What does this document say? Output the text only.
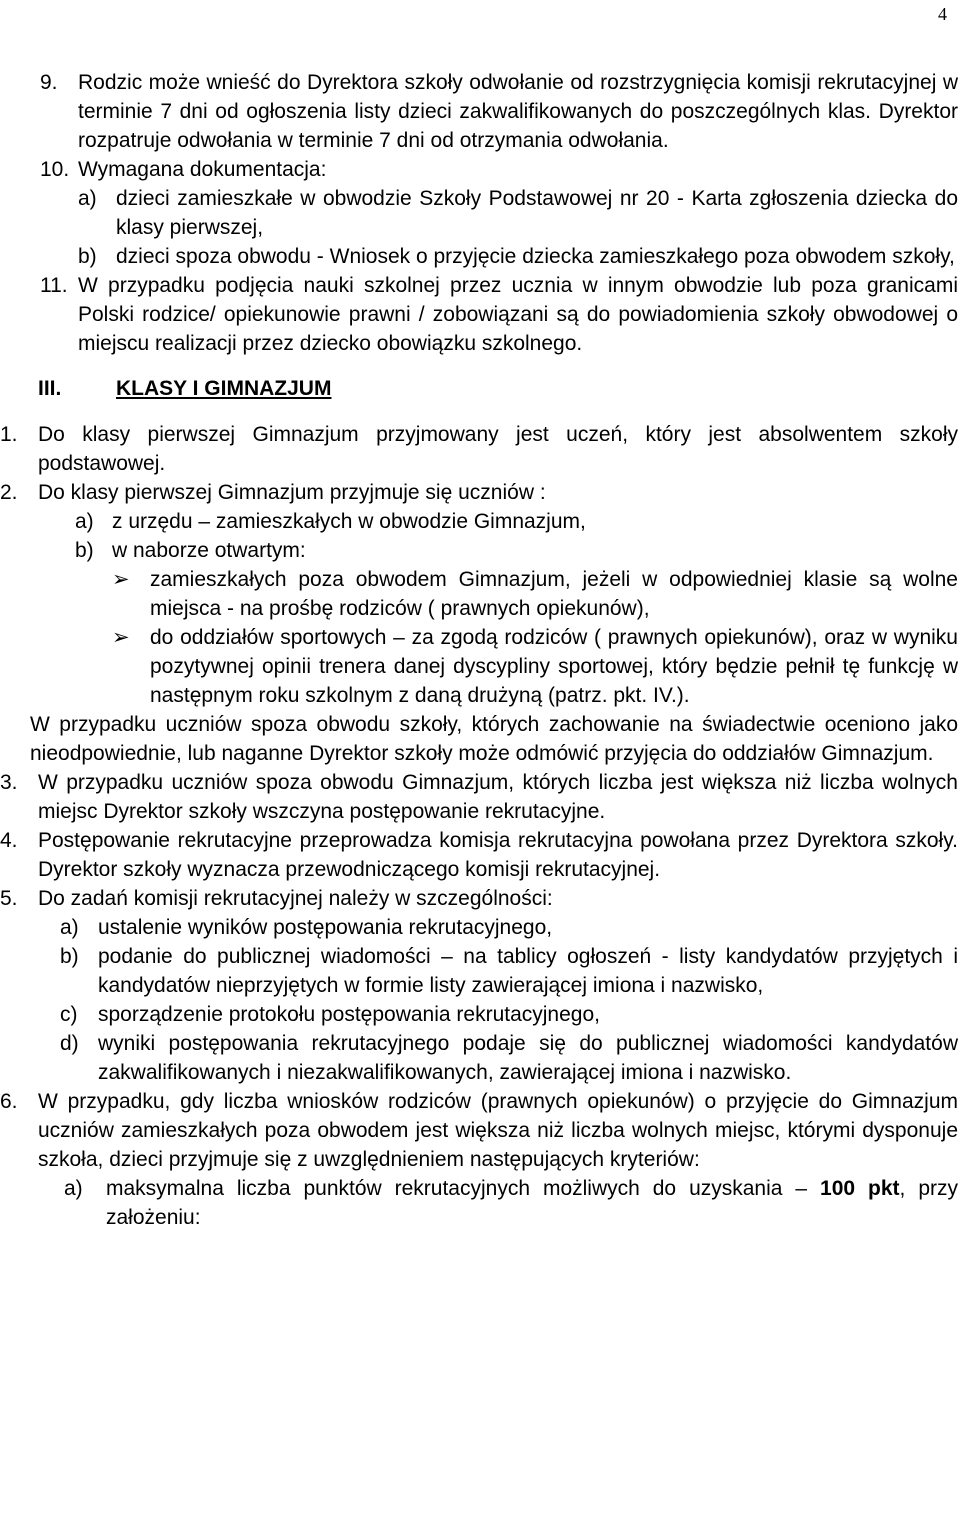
4
9. Rodzic może wnieść do Dyrektora szkoły odwołanie od rozstrzygnięcia komisji rekrutacyjnej w terminie 7 dni od ogłoszenia listy dzieci zakwalifikowanych do poszczególnych klas. Dyrektor rozpatruje odwołania w terminie 7 dni od otrzymania odwołania.
10. Wymagana dokumentacja:
a) dzieci zamieszkałe w obwodzie Szkoły Podstawowej nr 20 - Karta zgłoszenia dziecka do klasy pierwszej,
b) dzieci spoza obwodu - Wniosek o przyjęcie dziecka zamieszkałego poza obwodem szkoły,
11. W przypadku podjęcia nauki szkolnej przez ucznia w innym obwodzie lub poza granicami Polski rodzice/ opiekunowie prawni / zobowiązani są do powiadomienia szkoły obwodowej o miejscu realizacji przez dziecko obowiązku szkolnego.
III.	KLASY I GIMNAZJUM
1. Do klasy pierwszej Gimnazjum przyjmowany jest uczeń, który jest absolwentem szkoły podstawowej.
2. Do klasy pierwszej Gimnazjum przyjmuje się uczniów :
a) z urzędu – zamieszkałych w obwodzie Gimnazjum,
b) w naborze otwartym:
➢ zamieszkałych poza obwodem Gimnazjum, jeżeli w odpowiedniej klasie są wolne miejsca - na prośbę rodziców ( prawnych opiekunów),
➢ do oddziałów sportowych – za zgodą rodziców ( prawnych opiekunów), oraz w wyniku pozytywnej opinii trenera danej dyscypliny sportowej, który będzie pełnił tę funkcję w następnym roku szkolnym z daną drużyną (patrz. pkt. IV.).
W przypadku uczniów spoza obwodu szkoły, których zachowanie na świadectwie oceniono jako nieodpowiednie, lub naganne Dyrektor szkoły może odmówić przyjęcia do oddziałów Gimnazjum.
3. W przypadku uczniów spoza obwodu Gimnazjum, których liczba jest większa niż liczba wolnych miejsc Dyrektor szkoły wszczyna postępowanie rekrutacyjne.
4. Postępowanie rekrutacyjne przeprowadza komisja rekrutacyjna powołana przez Dyrektora szkoły. Dyrektor szkoły wyznacza przewodniczącego komisji rekrutacyjnej.
5. Do zadań komisji rekrutacyjnej należy w szczególności:
a) ustalenie wyników postępowania rekrutacyjnego,
b) podanie do publicznej wiadomości – na tablicy ogłoszeń - listy kandydatów przyjętych i kandydatów nieprzyjętych w formie listy zawierającej imiona i nazwisko,
c) sporządzenie protokołu postępowania rekrutacyjnego,
d) wyniki postępowania rekrutacyjnego podaje się do publicznej wiadomości kandydatów zakwalifikowanych i niezakwalifikowanych, zawierającej imiona i nazwisko.
6. W przypadku, gdy liczba wniosków rodziców (prawnych opiekunów) o przyjęcie do Gimnazjum uczniów zamieszkałych poza obwodem jest większa niż liczba wolnych miejsc, którymi dysponuje szkoła, dzieci przyjmuje się z uwzględnieniem następujących kryteriów:
a) maksymalna liczba punktów rekrutacyjnych możliwych do uzyskania – 100 pkt, przy założeniu:
